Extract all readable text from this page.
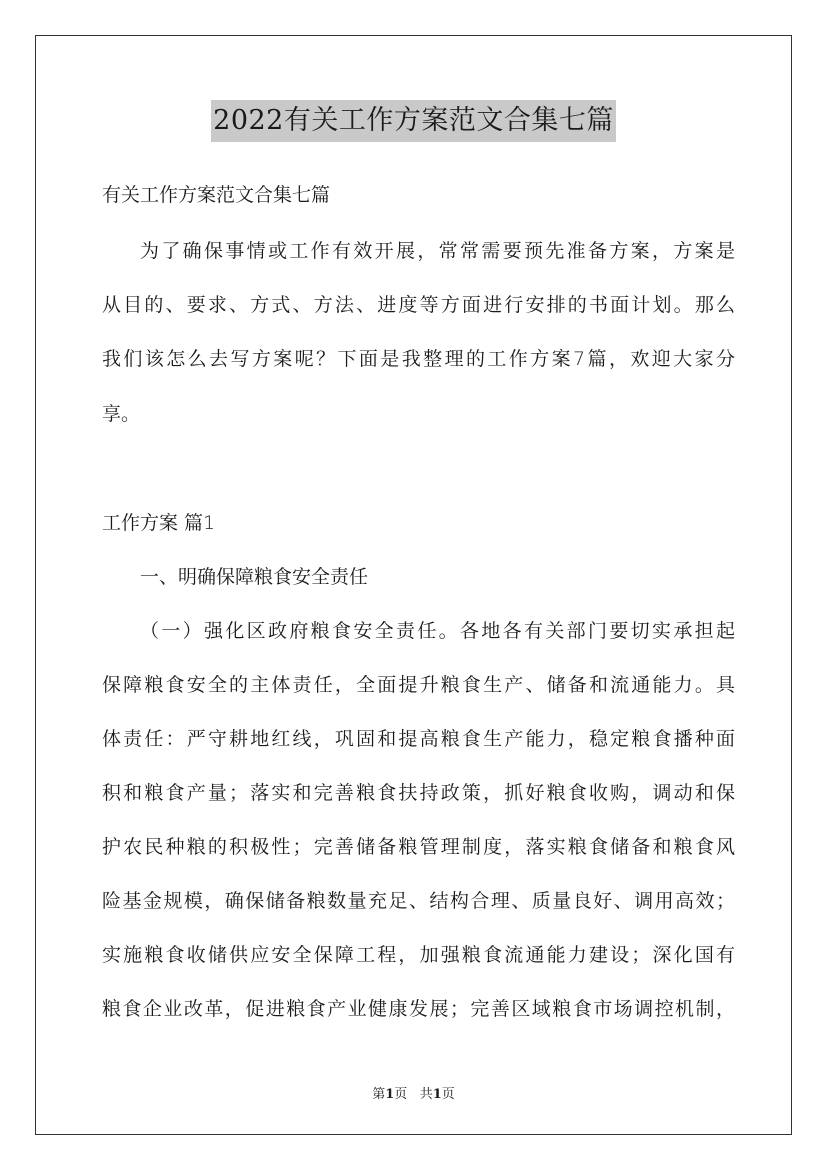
2022有关工作方案范文合集七篇
有关工作方案范文合集七篇
为了确保事情或工作有效开展，常常需要预先准备方案，方案是
从目的、要求、方式、方法、进度等方面进行安排的书面计划。那么
我们该怎么去写方案呢？下面是我整理的工作方案7篇，欢迎大家分
享。
工作方案 篇1
一、明确保障粮食安全责任
（一）强化区政府粮食安全责任。各地各有关部门要切实承担起
保障粮食安全的主体责任，全面提升粮食生产、储备和流通能力。具
体责任：严守耕地红线，巩固和提高粮食生产能力，稳定粮食播种面
积和粮食产量；落实和完善粮食扶持政策，抓好粮食收购，调动和保
护农民种粮的积极性；完善储备粮管理制度，落实粮食储备和粮食风
险基金规模，确保储备粮数量充足、结构合理、质量良好、调用高效；
实施粮食收储供应安全保障工程，加强粮食流通能力建设；深化国有
粮食企业改革，促进粮食产业健康发展；完善区域粮食市场调控机制，
第1页 共1页
